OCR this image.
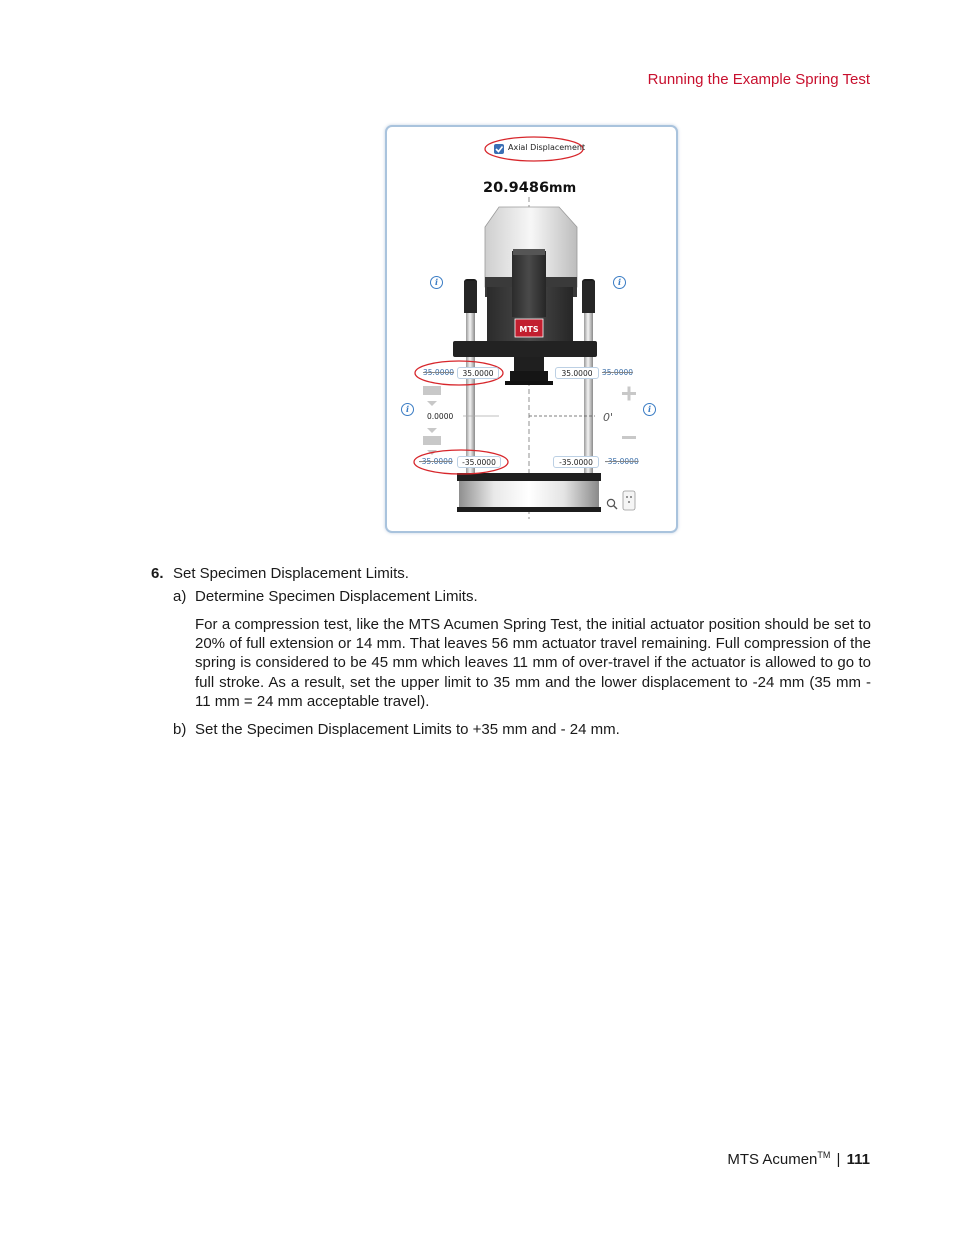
Running the Example Spring Test
MTS
Axial Displacement
20.9486mm
i	i
i	i
35.0000	35.0000	35.0000	35.0000
0.0000	0'
-35.0000	-35.0000	-35.0000	-35.0000
6. Set Specimen Displacement Limits.
a) Determine Specimen Displacement Limits.

For a compression test, like the MTS Acumen Spring Test, the initial actuator position should be set to 20% of full extension or 14 mm. That leaves 56 mm actuator travel remaining. Full compression of the spring is considered to be 45 mm which leaves 11 mm of over-travel if the actuator is allowed to go to full stroke. As a result, set the upper limit to 35 mm and the lower displacement to -24 mm (35 mm - 11 mm = 24 mm acceptable travel).

b) Set the Specimen Displacement Limits to +35 mm and - 24 mm.
MTS Acumen™ | 111
